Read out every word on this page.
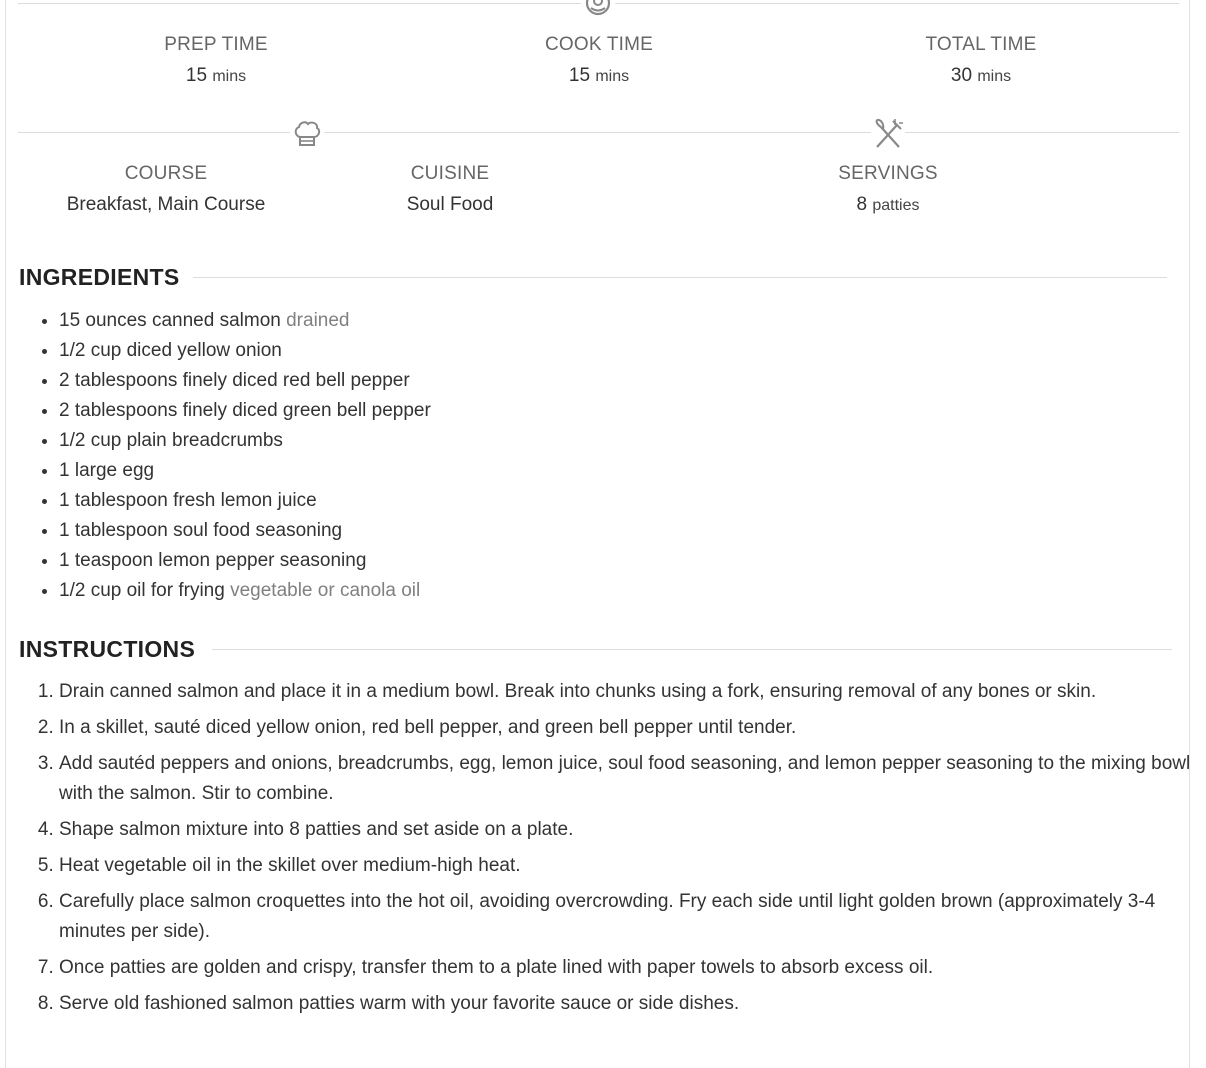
PREP TIME
15 mins
COOK TIME
15 mins
TOTAL TIME
30 mins
COURSE
Breakfast, Main Course
CUISINE
Soul Food
SERVINGS
8 patties
INGREDIENTS
• 15 ounces canned salmon drained
• 1/2 cup diced yellow onion
• 2 tablespoons finely diced red bell pepper
• 2 tablespoons finely diced green bell pepper
• 1/2 cup plain breadcrumbs
• 1 large egg
• 1 tablespoon fresh lemon juice
• 1 tablespoon soul food seasoning
• 1 teaspoon lemon pepper seasoning
• 1/2 cup oil for frying vegetable or canola oil
INSTRUCTIONS
1. Drain canned salmon and place it in a medium bowl. Break into chunks using a fork, ensuring removal of any bones or skin.
2. In a skillet, sauté diced yellow onion, red bell pepper, and green bell pepper until tender.
3. Add sautéd peppers and onions, breadcrumbs, egg, lemon juice, soul food seasoning, and lemon pepper seasoning to the mixing bowl with the salmon. Stir to combine.
4. Shape salmon mixture into 8 patties and set aside on a plate.
5. Heat vegetable oil in the skillet over medium-high heat.
6. Carefully place salmon croquettes into the hot oil, avoiding overcrowding. Fry each side until light golden brown (approximately 3-4 minutes per side).
7. Once patties are golden and crispy, transfer them to a plate lined with paper towels to absorb excess oil.
8. Serve old fashioned salmon patties warm with your favorite sauce or side dishes.
